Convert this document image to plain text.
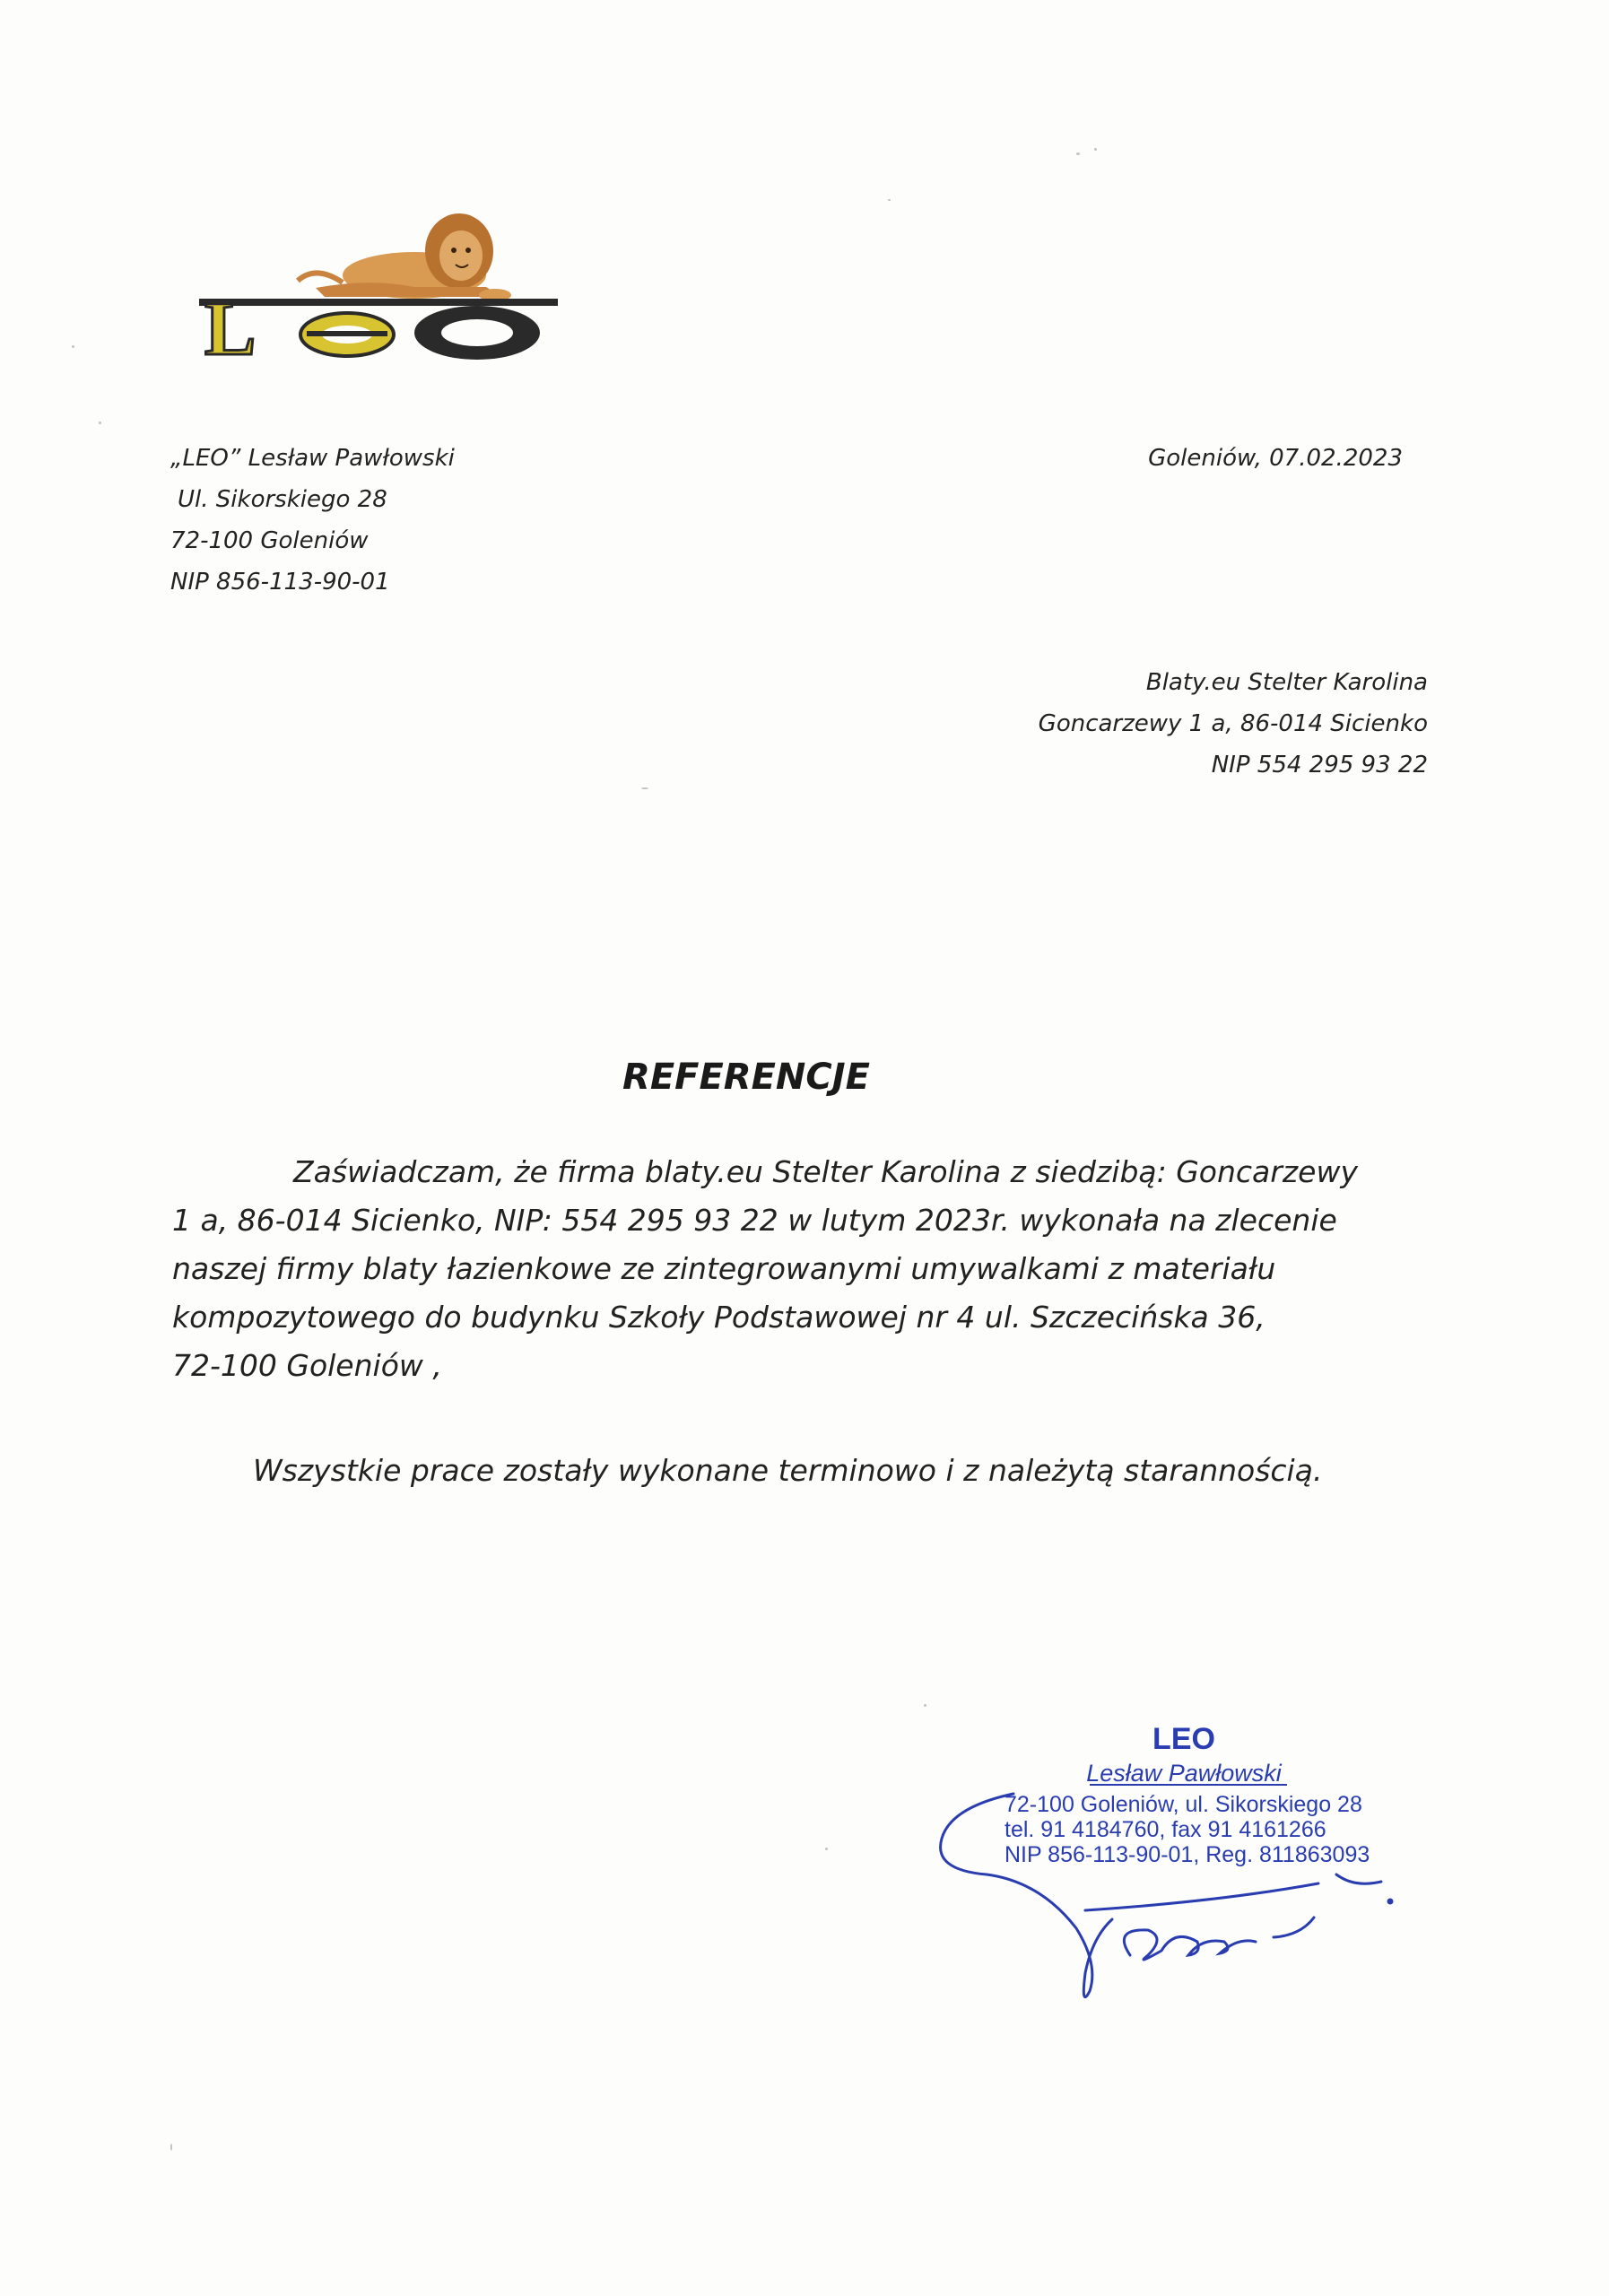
L
„LEO” Lesław Pawłowski
Ul. Sikorskiego 28
72-100 Goleniów
NIP 856-113-90-01
Goleniów, 07.02.2023
Blaty.eu Stelter Karolina
Goncarzewy 1 a, 86-014 Sicienko
NIP 554 295 93 22
REFERENCJE
Zaświadczam, że firma blaty.eu Stelter Karolina z siedzibą: Goncarzewy
1 a, 86-014 Sicienko, NIP: 554 295 93 22 w lutym 2023r. wykonała na zlecenie
naszej firmy blaty łazienkowe ze zintegrowanymi umywalkami z materiału
kompozytowego do budynku Szkoły Podstawowej nr 4 ul. Szczecińska 36,
72-100 Goleniów ,
Wszystkie prace zostały wykonane terminowo i z należytą starannością.
LEO
Lesław Pawłowski
72-100 Goleniów, ul. Sikorskiego 28
tel. 91 4184760, fax 91 4161266
NIP 856-113-90-01, Reg. 811863093
